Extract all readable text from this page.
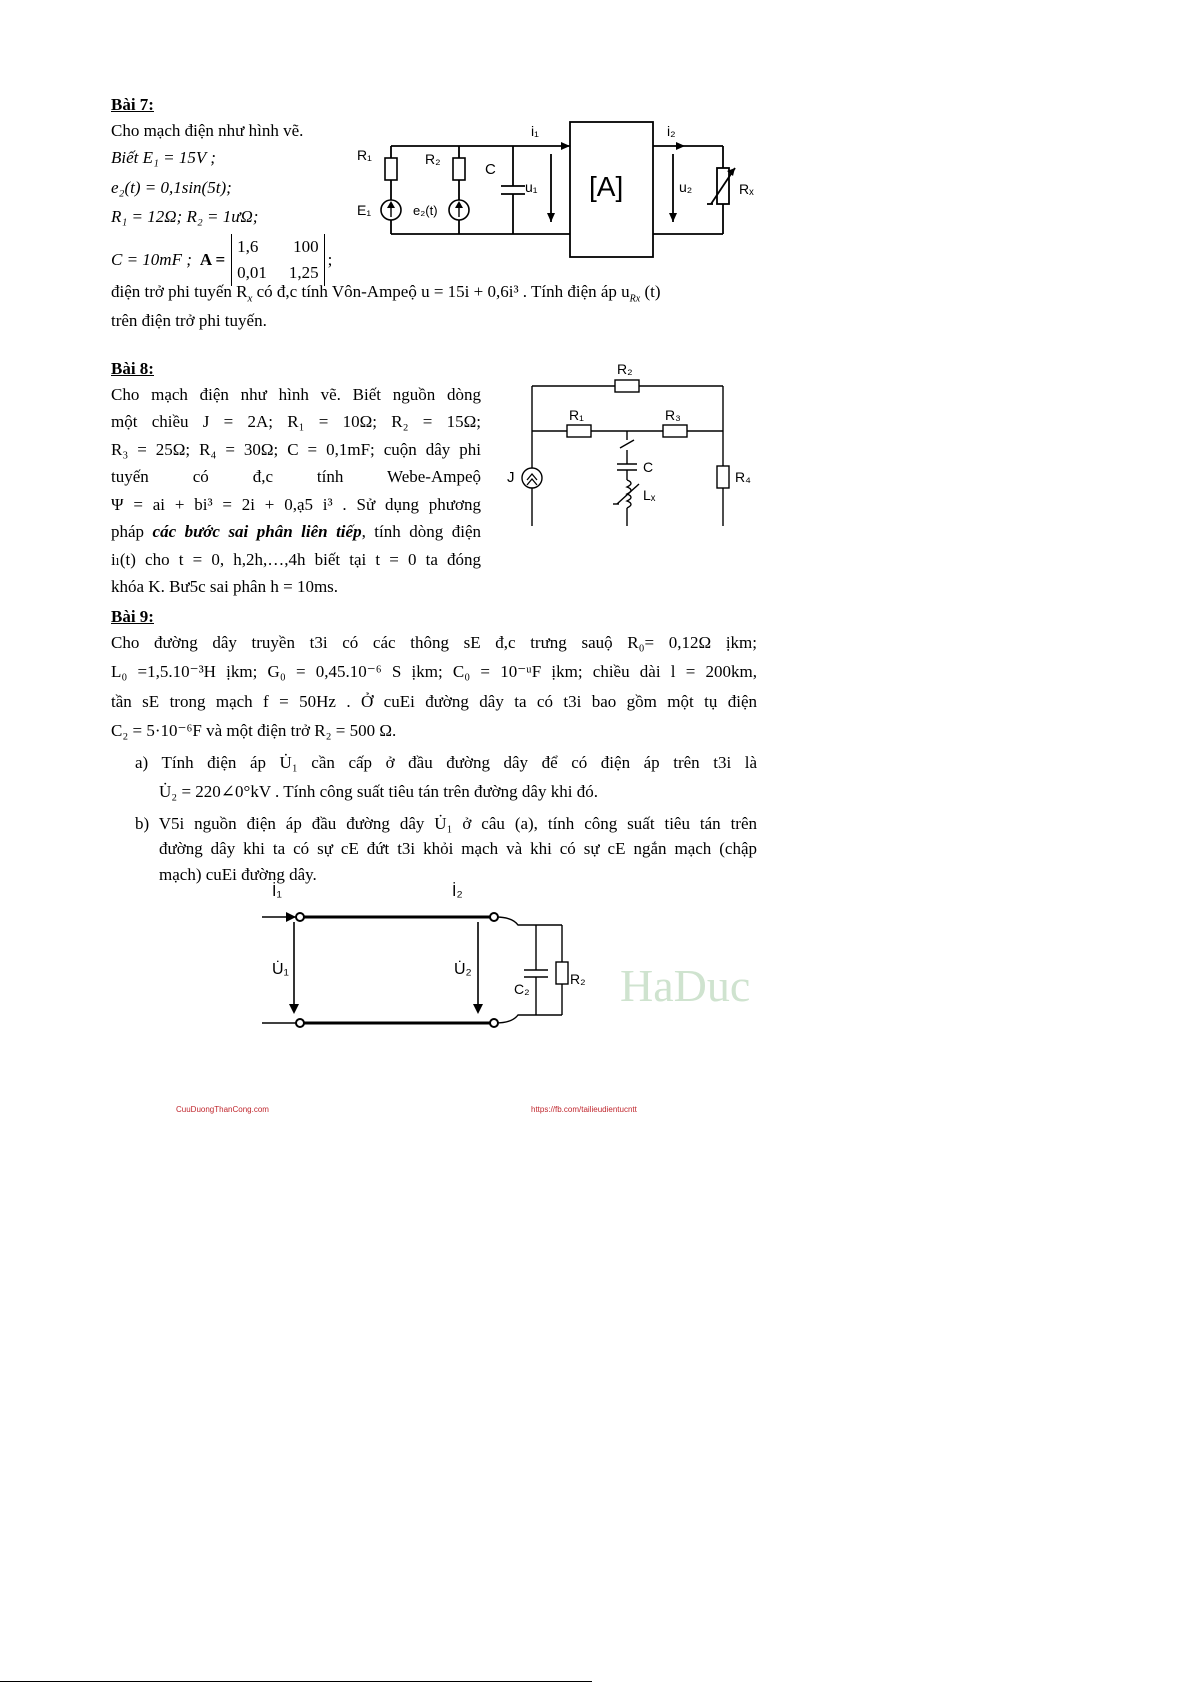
Bài 7:
Cho mạch điện như hình vẽ.
Biết E₁ = 15V ;
e₂(t) = 0,1sin(5t);
R₁ = 12Ω; R₂ = 1ưΩ;
C = 10mF ; A =
1,6	100
0,01 1,25
;
điện trở phi tuyến $R_x$ có đ,c tính Vôn-Ampeộ u = 15i + 0,6i³ . Tính điện áp $u_{Rx}$ (t)
trên điện trở phi tuyến.
R₁	R₂
C
E₁	e₂(t)
i₁
u₁ [A]
i₂
u₂	Rₓ
Bài 8:
Cho mạch điện như hình vẽ. Biết nguồn dòng
một chiều J = 2A; R₁ = 10Ω; R₂ = 15Ω;
R₃ = 25Ω; R₄ = 30Ω; C = 0,1mF; cuộn dây phi
tuyến có đ,c tính Webe-Ampeộ
Ψ = ai + bi³ = 2i + 0,ạ5 i³ . Sử dụng phương
pháp các bước sai phân liên tiếp, tính dòng điện
iₗ(t) cho t = 0, h,2h,…,4h biết tại t = 0 ta đóng
khóa K. Bư5c sai phân h = 10ms.
R₂
R₁	R₃
J
C
Lₓ
R₄
Bài 9:
Cho đường dây truyền t3i có các thông sE đ,c trưng sauộ R₀= 0,12Ω ịkm;
L₀ =1,5.10⁻³H ịkm; G₀ = 0,45.10⁻⁶ S ịkm; C₀ = 10⁻ᵘF ịkm; chiều dài l = 200km,
tần sE trong mạch f = 50Hz . Ở cuEi đường dây ta có t3i bao gồm một tụ điện
C₂ = 5·10⁻⁶F và một điện trở R₂ = 500 Ω.
a) Tính điện áp U̇₁ cần cấp ở đầu đường dây để có điện áp trên t3i là
U̇₂ = 220∠0°kV . Tính công suất tiêu tán trên đường dây khi đó.
b) V5i nguồn điện áp đầu đường dây U̇₁ ở câu (a), tính công suất tiêu tán trên
đường dây khi ta có sự cE đứt t3i khỏi mạch và khi có sự cE ngắn mạch (chập
mạch) cuEi đường dây.
İ₁	İ₂
U̇₁	U̇₂
C₂
R₂ HaDuc
CuuDuongThanCong.com	https://fb.com/tailieudientucntt
